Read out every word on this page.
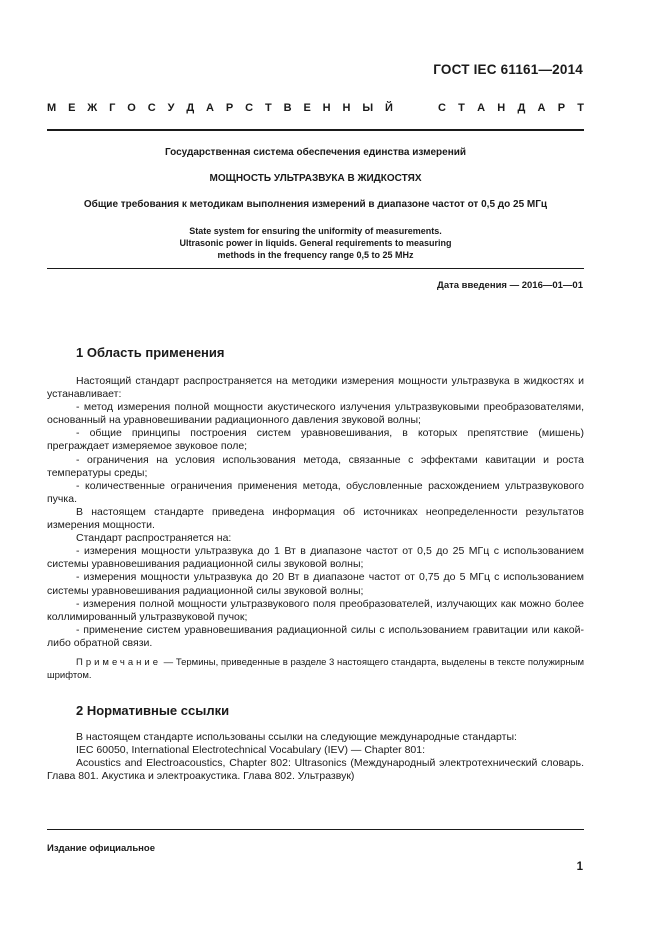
ГОСТ IEC 61161—2014
М Е Ж Г О С У Д А Р С Т В Е Н Н Ы Й	С Т А Н Д А Р Т
Государственная система обеспечения единства измерений
МОЩНОСТЬ УЛЬТРАЗВУКА В ЖИДКОСТЯХ
Общие требования к методикам выполнения измерений в диапазоне частот от 0,5 до 25 МГц
State system for ensuring the uniformity of measurements.
Ultrasonic power in liquids. General requirements to measuring
methods in the frequency range 0,5 to 25 MHz
Дата введения — 2016—01—01
1 Область применения

Настоящий стандарт распространяется на методики измерения мощности ультразвука в жидкостях и устанавливает:

- метод измерения полной мощности акустического излучения ультразвуковыми преобразователями, основанный на уравновешивании радиационного давления звуковой волны;

- общие принципы построения систем уравновешивания, в которых препятствие (мишень) преграждает измеряемое звуковое поле;

- ограничения на условия использования метода, связанные с эффектами кавитации и роста температуры среды;

- количественные ограничения применения метода, обусловленные расхождением ультразвукового пучка.

В настоящем стандарте приведена информация об источниках неопределенности результатов измерения мощности.

Стандарт распространяется на:

- измерения мощности ультразвука до 1 Вт в диапазоне частот от 0,5 до 25 МГц с использованием системы уравновешивания радиационной силы звуковой волны;

- измерения мощности ультразвука до 20 Вт в диапазоне частот от 0,75 до 5 МГц с использованием системы уравновешивания радиационной силы звуковой волны;

- измерения полной мощности ультразвукового поля преобразователей, излучающих как можно более коллимированный ультразвуковой пучок;

- применение систем уравновешивания радиационной силы с использованием гравитации или какой-либо обратной связи.

Примечание — Термины, приведенные в разделе 3 настоящего стандарта, выделены в тексте полужирным шрифтом.

2 Нормативные ссылки

В настоящем стандарте использованы ссылки на следующие международные стандарты:

IEC 60050, International Electrotechnical Vocabulary (IEV) — Chapter 801:

Acoustics and Electroacoustics, Chapter 802: Ultrasonics (Международный электротехнический словарь. Глава 801. Акустика и электроакустика. Глава 802. Ультразвук)

Издание официальное
1
